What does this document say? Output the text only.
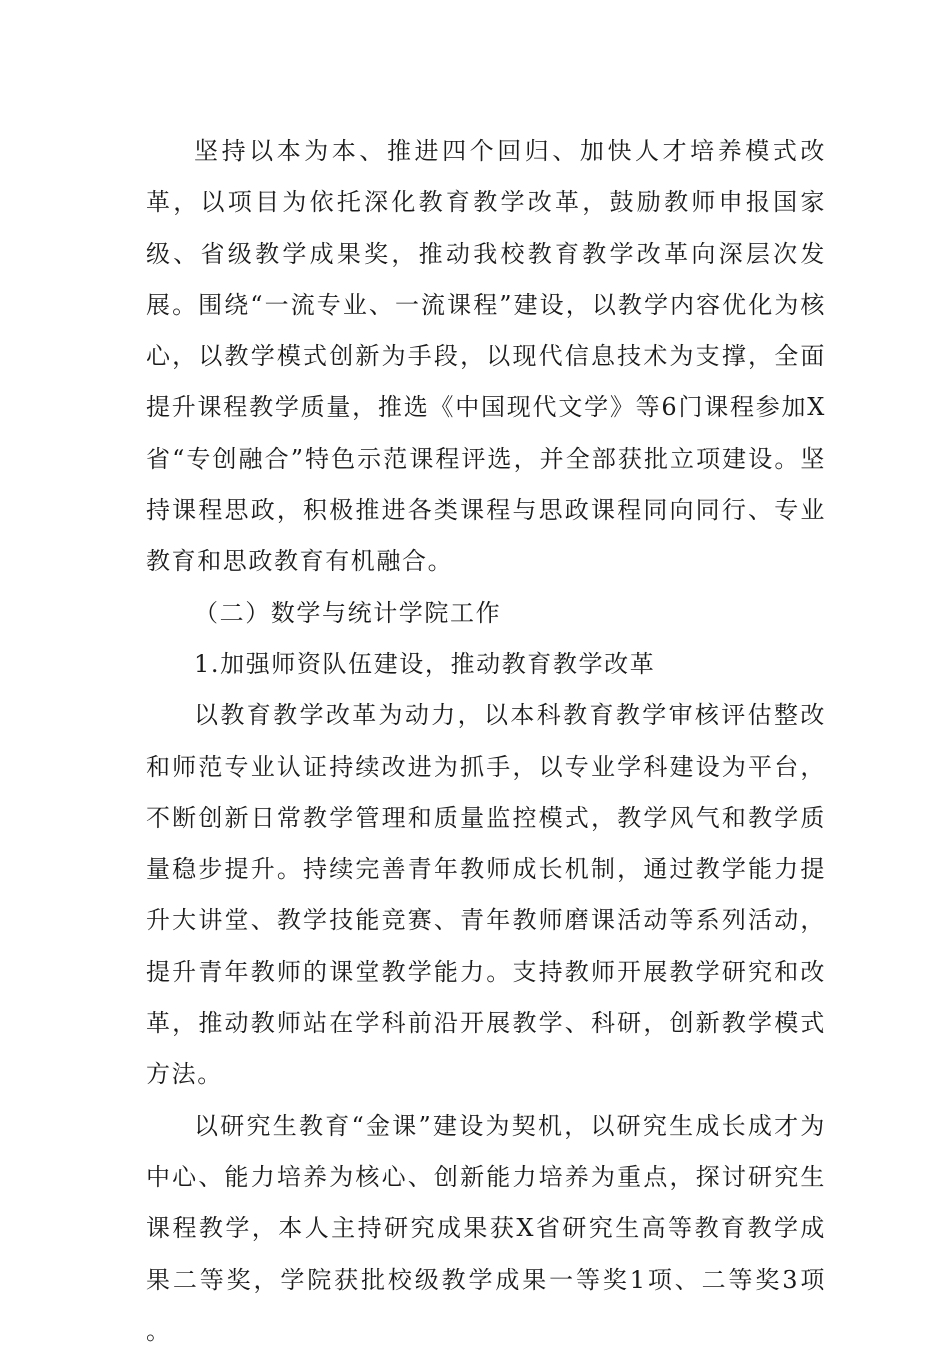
坚持以本为本、推进四个回归、加快人才培养模式改革，以项目为依托深化教育教学改革，鼓励教师申报国家级、省级教学成果奖，推动我校教育教学改革向深层次发展。围绕“一流专业、一流课程”建设，以教学内容优化为核心，以教学模式创新为手段，以现代信息技术为支撑，全面提升课程教学质量，推选《中国现代文学》等6门课程参加X省“专创融合”特色示范课程评选，并全部获批立项建设。坚持课程思政，积极推进各类课程与思政课程同向同行、专业教育和思政教育有机融合。

（二）数学与统计学院工作

1.加强师资队伍建设，推动教育教学改革

以教育教学改革为动力，以本科教育教学审核评估整改和师范专业认证持续改进为抓手，以专业学科建设为平台，不断创新日常教学管理和质量监控模式，教学风气和教学质量稳步提升。持续完善青年教师成长机制，通过教学能力提升大讲堂、教学技能竞赛、青年教师磨课活动等系列活动，提升青年教师的课堂教学能力。支持教师开展教学研究和改革，推动教师站在学科前沿开展教学、科研，创新教学模式方法。

以研究生教育“金课”建设为契机，以研究生成长成才为中心、能力培养为核心、创新能力培养为重点，探讨研究生课程教学，本人主持研究成果获X省研究生高等教育教学成果二等奖，学院获批校级教学成果一等奖1项、二等奖3项 。
